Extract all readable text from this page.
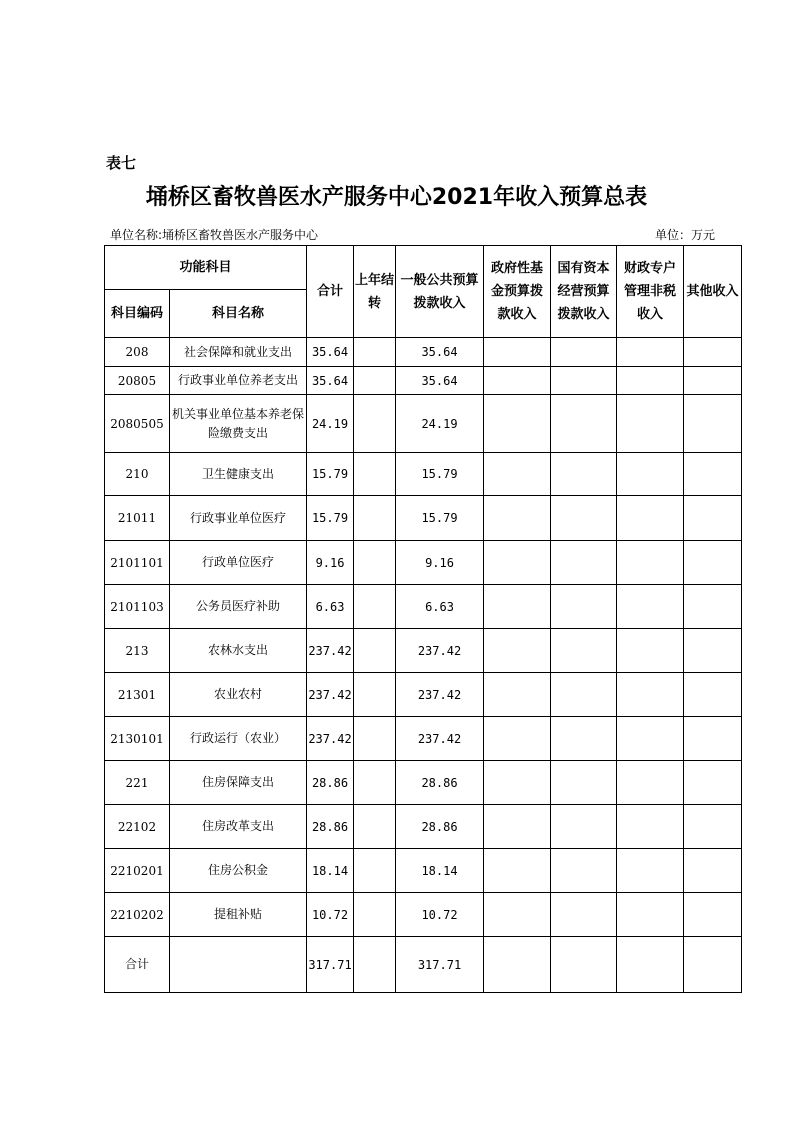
表七
埇桥区畜牧兽医水产服务中心2021年收入预算总表
单位名称:埇桥区畜牧兽医水产服务中心	单位：万元
功能科目		合计	上年结转	一般公共预算拨款收入	政府性基金预算拨款收入	国有资本经营预算拨款收入	财政专户管理非税收入	其他收入
科目编码	科目名称							
208	社会保障和就业支出	35.64		35.64				
20805	行政事业单位养老支出	35.64		35.64				
2080505	机关事业单位基本养老保险缴费支出	24.19		24.19				
210	卫生健康支出	15.79		15.79				
21011	行政事业单位医疗	15.79		15.79				
2101101	行政单位医疗	9.16		9.16				
2101103	公务员医疗补助	6.63		6.63				
213	农林水支出	237.42		237.42				
21301	农业农村	237.42		237.42				
2130101	行政运行（农业）	237.42		237.42				
221	住房保障支出	28.86		28.86				
22102	住房改革支出	28.86		28.86				
2210201	住房公积金	18.14		18.14				
2210202	提租补贴	10.72		10.72				
合计		317.71		317.71				
